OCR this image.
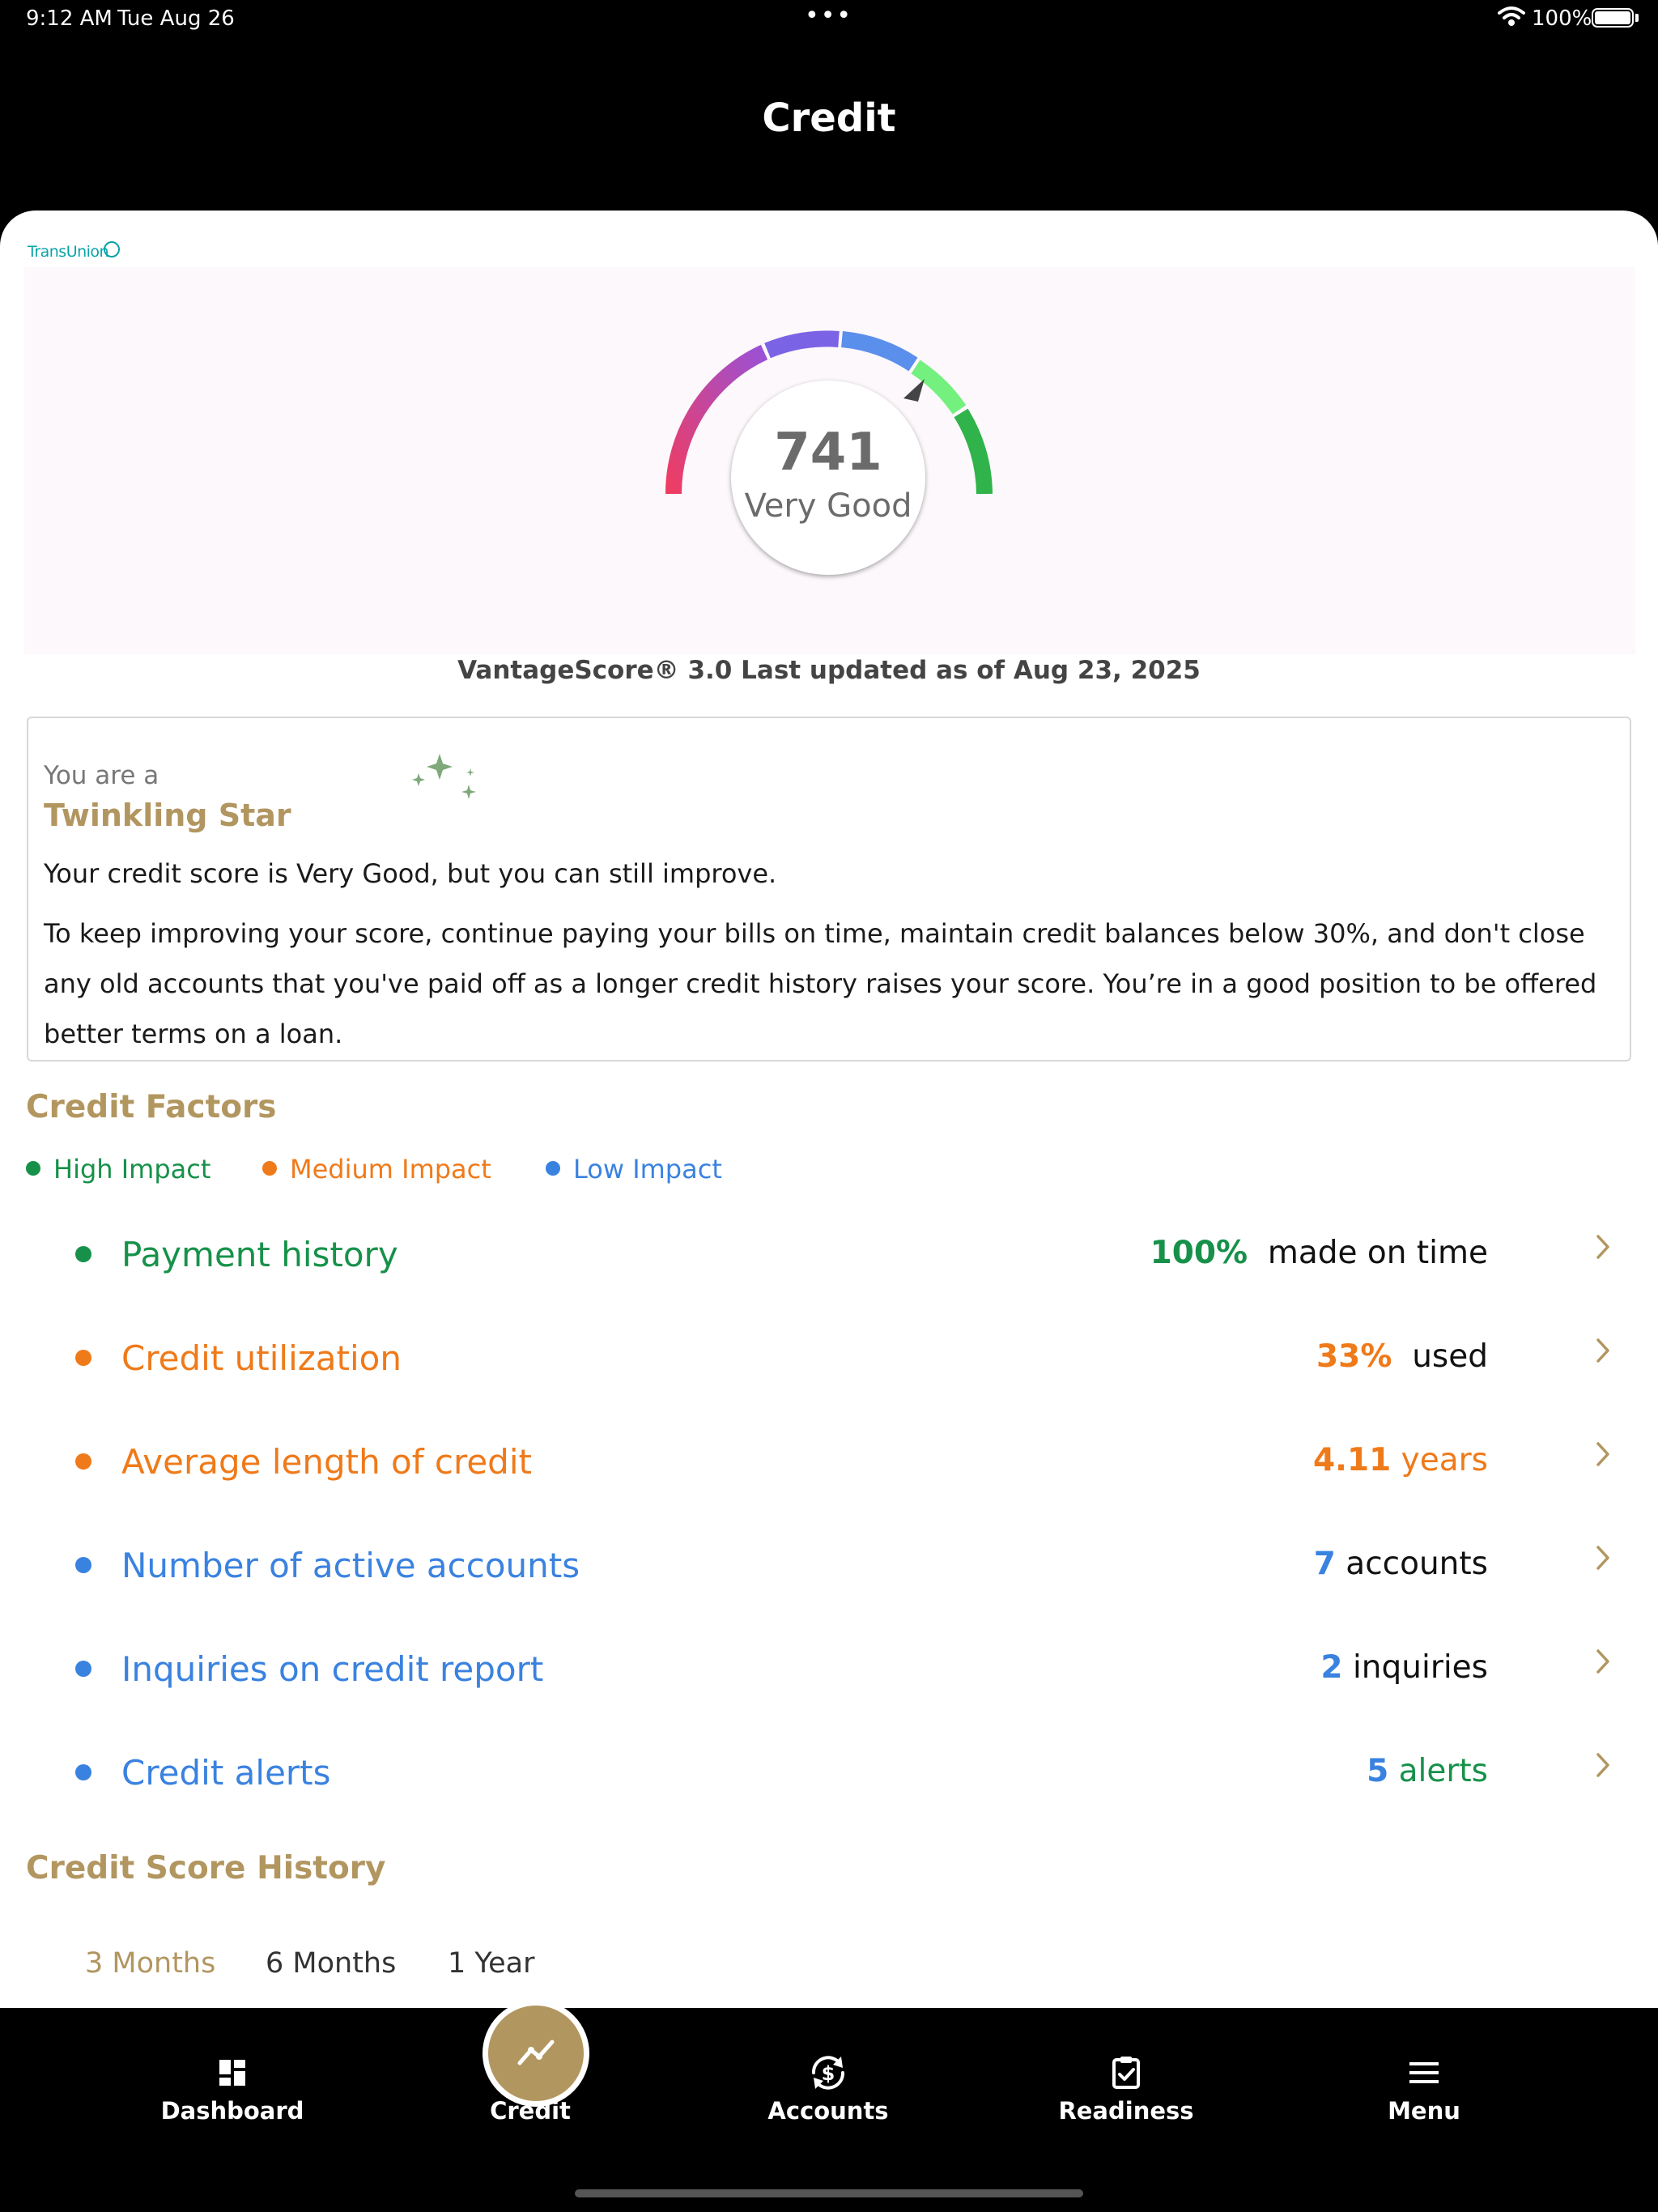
9:12 AM Tue Aug 26	•••	100%
Credit
TransUnion
741
Very Good
VantageScore® 3.0 Last updated as of Aug 23, 2025
You are a
Twinkling Star
Your credit score is Very Good, but you can still improve.
To keep improving your score, continue paying your bills on time, maintain credit balances below 30%, and don't close any old accounts that you've paid off as a longer credit history raises your score. You’re in a good position to be offered better terms on a loan.
Credit Factors
High Impact	Medium Impact	Low Impact
Payment history	100% made on time
Credit utilization	33% used
Average length of credit	4.11 years
Number of active accounts	7 accounts
Inquiries on credit report	2 inquiries
Credit alerts	5 alerts
Credit Score History
3 Months 6 Months 1 Year
Dashboard	Credit
$
Accounts	Readiness	Menu
